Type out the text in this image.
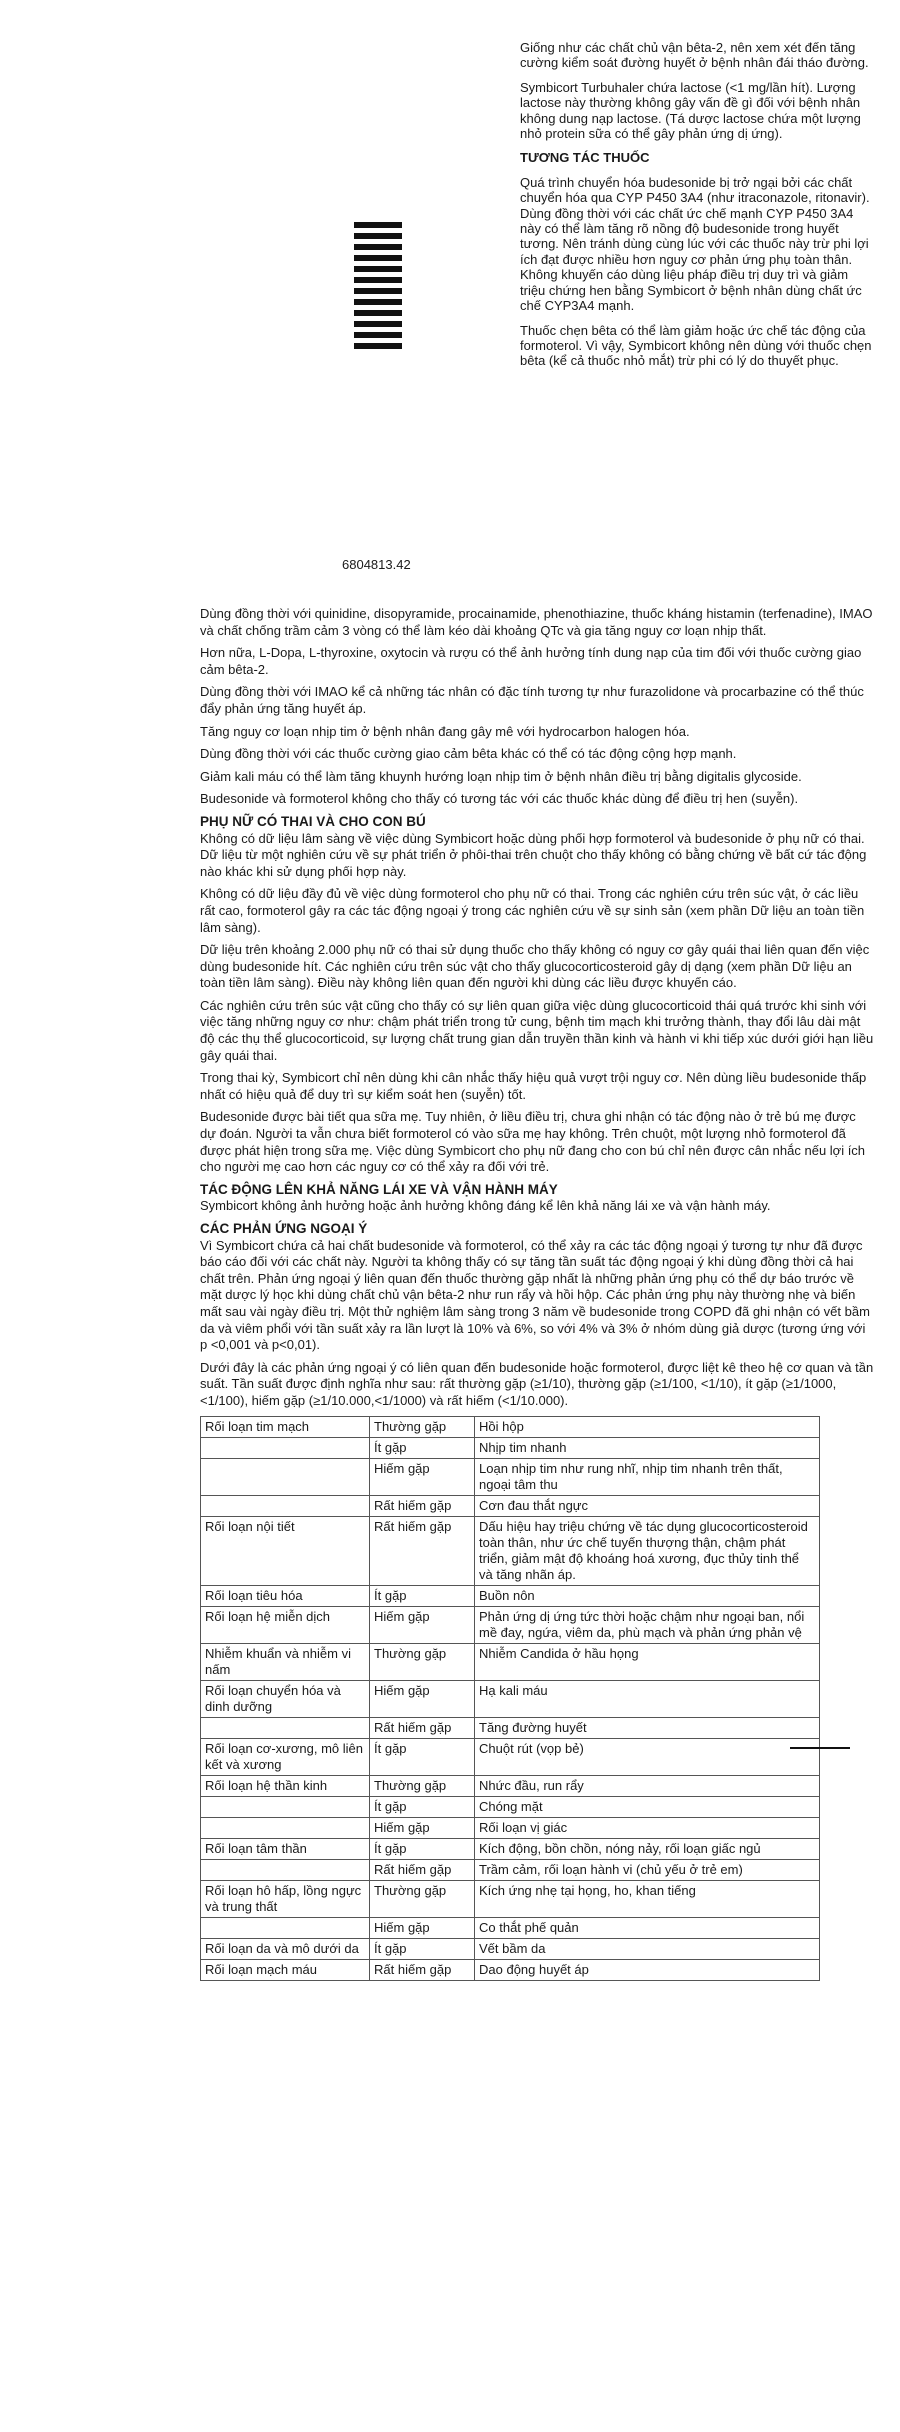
Giống như các chất chủ vận bêta-2, nên xem xét đến tăng cường kiểm soát đường huyết ở bệnh nhân đái tháo đường.

Symbicort Turbuhaler chứa lactose (<1 mg/lần hít). Lượng lactose này thường không gây vấn đề gì đối với bệnh nhân không dung nạp lactose. (Tá dược lactose chứa một lượng nhỏ protein sữa có thể gây phản ứng dị ứng).

TƯƠNG TÁC THUỐC

Quá trình chuyển hóa budesonide bị trở ngại bởi các chất chuyển hóa qua CYP P450 3A4 (như itraconazole, ritonavir). Dùng đồng thời với các chất ức chế mạnh CYP P450 3A4 này có thể làm tăng rõ nồng độ budesonide trong huyết tương. Nên tránh dùng cùng lúc với các thuốc này trừ phi lợi ích đạt được nhiều hơn nguy cơ phản ứng phụ toàn thân. Không khuyến cáo dùng liệu pháp điều trị duy trì và giảm triệu chứng hen bằng Symbicort ở bệnh nhân dùng chất ức chế CYP3A4 mạnh.

Thuốc chẹn bêta có thể làm giảm hoặc ức chế tác động của formoterol. Vì vậy, Symbicort không nên dùng với thuốc chẹn bêta (kể cả thuốc nhỏ mắt) trừ phi có lý do thuyết phục.

6804813.42

Dùng đồng thời với quinidine, disopyramide, procainamide, phenothiazine, thuốc kháng histamin (terfenadine), IMAO và chất chống trầm cảm 3 vòng có thể làm kéo dài khoảng QTc và gia tăng nguy cơ loạn nhịp thất.

Hơn nữa, L-Dopa, L-thyroxine, oxytocin và rượu có thể ảnh hưởng tính dung nạp của tim đối với thuốc cường giao cảm bêta-2.

Dùng đồng thời với IMAO kể cả những tác nhân có đặc tính tương tự như furazolidone và procarbazine có thể thúc đẩy phản ứng tăng huyết áp.

Tăng nguy cơ loạn nhịp tim ở bệnh nhân đang gây mê với hydrocarbon halogen hóa.

Dùng đồng thời với các thuốc cường giao cảm bêta khác có thể có tác động cộng hợp mạnh.

Giảm kali máu có thể làm tăng khuynh hướng loạn nhịp tim ở bệnh nhân điều trị bằng digitalis glycoside.

Budesonide và formoterol không cho thấy có tương tác với các thuốc khác dùng để điều trị hen (suyễn).

PHỤ NỮ CÓ THAI VÀ CHO CON BÚ

Không có dữ liệu lâm sàng về việc dùng Symbicort hoặc dùng phối hợp formoterol và budesonide ở phụ nữ có thai. Dữ liệu từ một nghiên cứu về sự phát triển ở phôi-thai trên chuột cho thấy không có bằng chứng về bất cứ tác động nào khác khi sử dụng phối hợp này.

Không có dữ liệu đầy đủ về việc dùng formoterol cho phụ nữ có thai. Trong các nghiên cứu trên súc vật, ở các liều rất cao, formoterol gây ra các tác động ngoại ý trong các nghiên cứu về sự sinh sản (xem phần Dữ liệu an toàn tiền lâm sàng).

Dữ liệu trên khoảng 2.000 phụ nữ có thai sử dụng thuốc cho thấy không có nguy cơ gây quái thai liên quan đến việc dùng budesonide hít. Các nghiên cứu trên súc vật cho thấy glucocorticosteroid gây dị dạng (xem phần Dữ liệu an toàn tiền lâm sàng). Điều này không liên quan đến người khi dùng các liều được khuyến cáo.

Các nghiên cứu trên súc vật cũng cho thấy có sự liên quan giữa việc dùng glucocorticoid thái quá trước khi sinh với việc tăng những nguy cơ như: chậm phát triển trong tử cung, bệnh tim mạch khi trưởng thành, thay đổi lâu dài mật độ các thụ thể glucocorticoid, sự lượng chất trung gian dẫn truyền thần kinh và hành vi khi tiếp xúc dưới giới hạn liều gây quái thai.

Trong thai kỳ, Symbicort chỉ nên dùng khi cân nhắc thấy hiệu quả vượt trội nguy cơ. Nên dùng liều budesonide thấp nhất có hiệu quả để duy trì sự kiểm soát hen (suyễn) tốt.

Budesonide được bài tiết qua sữa mẹ. Tuy nhiên, ở liều điều trị, chưa ghi nhận có tác động nào ở trẻ bú mẹ được dự đoán. Người ta vẫn chưa biết formoterol có vào sữa mẹ hay không. Trên chuột, một lượng nhỏ formoterol đã được phát hiện trong sữa mẹ. Việc dùng Symbicort cho phụ nữ đang cho con bú chỉ nên được cân nhắc nếu lợi ích cho người mẹ cao hơn các nguy cơ có thể xảy ra đối với trẻ.

TÁC ĐỘNG LÊN KHẢ NĂNG LÁI XE VÀ VẬN HÀNH MÁY

Symbicort không ảnh hưởng hoặc ảnh hưởng không đáng kể lên khả năng lái xe và vận hành máy.

CÁC PHẢN ỨNG NGOẠI Ý

Vì Symbicort chứa cả hai chất budesonide và formoterol, có thể xảy ra các tác động ngoại ý tương tự như đã được báo cáo đối với các chất này. Người ta không thấy có sự tăng tần suất tác động ngoại ý khi dùng đồng thời cả hai chất trên. Phản ứng ngoại ý liên quan đến thuốc thường gặp nhất là những phản ứng phụ có thể dự báo trước về mặt dược lý học khi dùng chất chủ vận bêta-2 như run rẩy và hồi hộp. Các phản ứng phụ này thường nhẹ và biến mất sau vài ngày điều trị. Một thử nghiệm lâm sàng trong 3 năm về budesonide trong COPD đã ghi nhận có vết bầm da và viêm phổi với tần suất xảy ra lần lượt là 10% và 6%, so với 4% và 3% ở nhóm dùng giả dược (tương ứng với p <0,001 và p<0,01).

Dưới đây là các phản ứng ngoại ý có liên quan đến budesonide hoặc formoterol, được liệt kê theo hệ cơ quan và tần suất. Tần suất được định nghĩa như sau: rất thường gặp (≥1/10), thường gặp (≥1/100, <1/10), ít gặp (≥1/1000, <1/100), hiếm gặp (≥1/10.000,<1/1000) và rất hiếm (<1/10.000).

Rối loạn tim mạch	Thường gặp	Hồi hộp
	Ít gặp	Nhịp tim nhanh
	Hiếm gặp	Loạn nhịp tim như rung nhĩ, nhịp tim nhanh trên thất, ngoại tâm thu
	Rất hiếm gặp	Cơn đau thắt ngực
Rối loạn nội tiết	Rất hiếm gặp	Dấu hiệu hay triệu chứng về tác dụng glucocorticosteroid toàn thân, như ức chế tuyến thượng thận, chậm phát triển, giảm mật độ khoáng hoá xương, đục thủy tinh thể và tăng nhãn áp.
Rối loạn tiêu hóa	Ít gặp	Buồn nôn
Rối loạn hệ miễn dịch	Hiếm gặp	Phản ứng dị ứng tức thời hoặc chậm như ngoại ban, nổi mề đay, ngứa, viêm da, phù mạch và phản ứng phản vệ
Nhiễm khuẩn và nhiễm vi nấm	Thường gặp	Nhiễm Candida ở hầu họng
Rối loạn chuyển hóa và dinh dưỡng	Hiếm gặp	Hạ kali máu
	Rất hiếm gặp	Tăng đường huyết
Rối loạn cơ-xương, mô liên kết và xương	Ít gặp	Chuột rút (vọp bẻ)
Rối loạn hệ thần kinh	Thường gặp	Nhức đầu, run rẩy
	Ít gặp	Chóng mặt
	Hiếm gặp	Rối loạn vị giác
Rối loạn tâm thần	Ít gặp	Kích động, bồn chồn, nóng nảy, rối loạn giấc ngủ
	Rất hiếm gặp	Trầm cảm, rối loạn hành vi (chủ yếu ở trẻ em)
Rối loạn hô hấp, lồng ngực và trung thất	Thường gặp	Kích ứng nhẹ tại họng, ho, khan tiếng
	Hiếm gặp	Co thắt phế quản
Rối loạn da và mô dưới da	Ít gặp	Vết bầm da
Rối loạn mạch máu	Rất hiếm gặp	Dao động huyết áp
